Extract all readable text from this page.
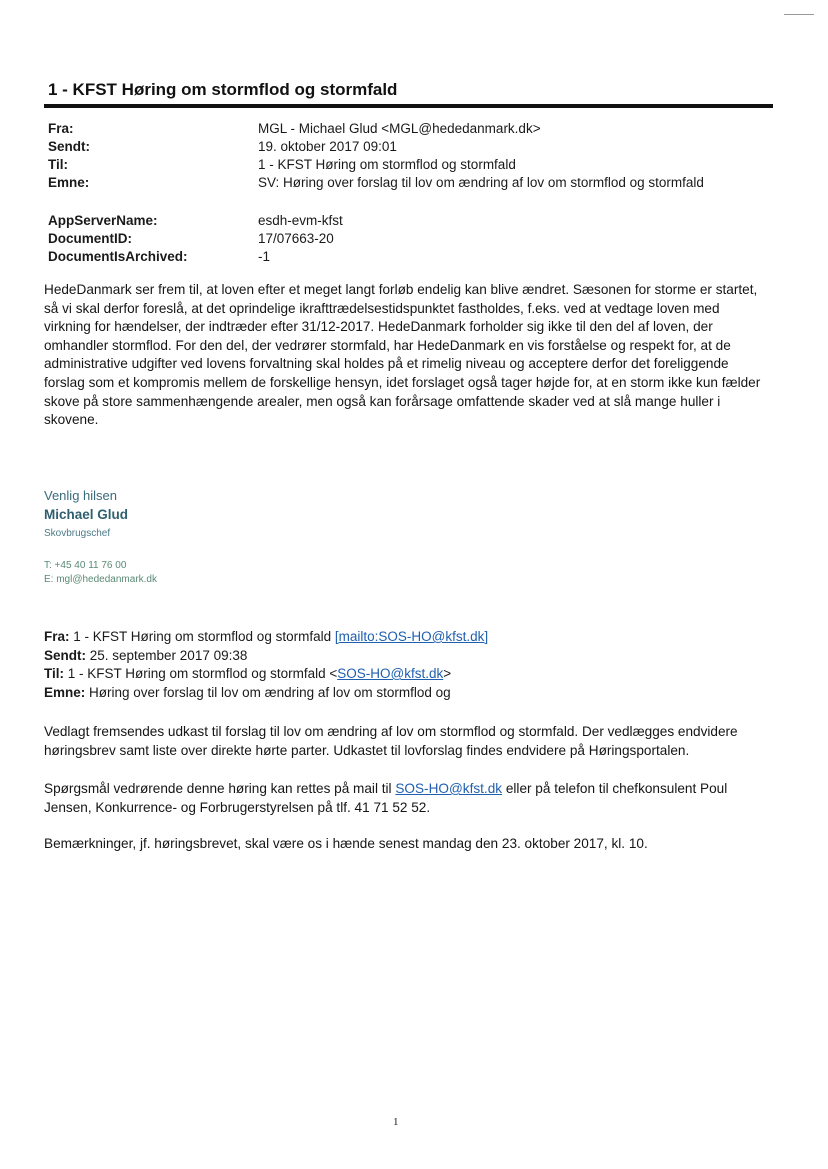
1 - KFST Høring om stormflod og stormfald
Fra:	MGL - Michael Glud <MGL@hededanmark.dk>
Sendt:	19. oktober 2017 09:01
Til:	1 - KFST Høring om stormflod og stormfald
Emne:	SV: Høring over forslag til lov om ændring af lov om stormflod og stormfald
AppServerName:	esdh-evm-kfst
DocumentID:	17/07663-20
DocumentIsArchived:	-1

HedeDanmark ser frem til, at loven efter et meget langt forløb endelig kan blive ændret. Sæsonen for storme er startet, så vi skal derfor foreslå, at det oprindelige ikrafttrædelsestidspunktet fastholdes, f.eks. ved at vedtage loven med virkning for hændelser, der indtræder efter 31/12-2017. HedeDanmark forholder sig ikke til den del af loven, der omhandler stormflod. For den del, der vedrører stormfald, har HedeDanmark en vis forståelse og respekt for, at de administrative udgifter ved lovens forvaltning skal holdes på et rimelig niveau og acceptere derfor det foreliggende forslag som et kompromis mellem de forskellige hensyn, idet forslaget også tager højde for, at en storm ikke kun fælder skove på store sammenhængende arealer, men også kan forårsage omfattende skader ved at slå mange huller i skovene.

Venlig hilsen
Michael Glud
Skovbrugschef
T: +45 40 11 76 00
E: mgl@hededanmark.dk
Fra: 1 - KFST Høring om stormflod og stormfald [mailto:SOS-HO@kfst.dk]
Sendt: 25. september 2017 09:38
Til: 1 - KFST Høring om stormflod og stormfald <SOS-HO@kfst.dk>
Emne: Høring over forslag til lov om ændring af lov om stormflod og

Vedlagt fremsendes udkast til forslag til lov om ændring af lov om stormflod og stormfald. Der vedlægges endvidere høringsbrev samt liste over direkte hørte parter. Udkastet til lovforslag findes endvidere på Høringsportalen.

Spørgsmål vedrørende denne høring kan rettes på mail til SOS-HO@kfst.dk eller på telefon til chefkonsulent Poul Jensen, Konkurrence- og Forbrugerstyrelsen på tlf. 41 71 52 52.

Bemærkninger, jf. høringsbrevet, skal være os i hænde senest mandag den 23. oktober 2017, kl. 10.

1
